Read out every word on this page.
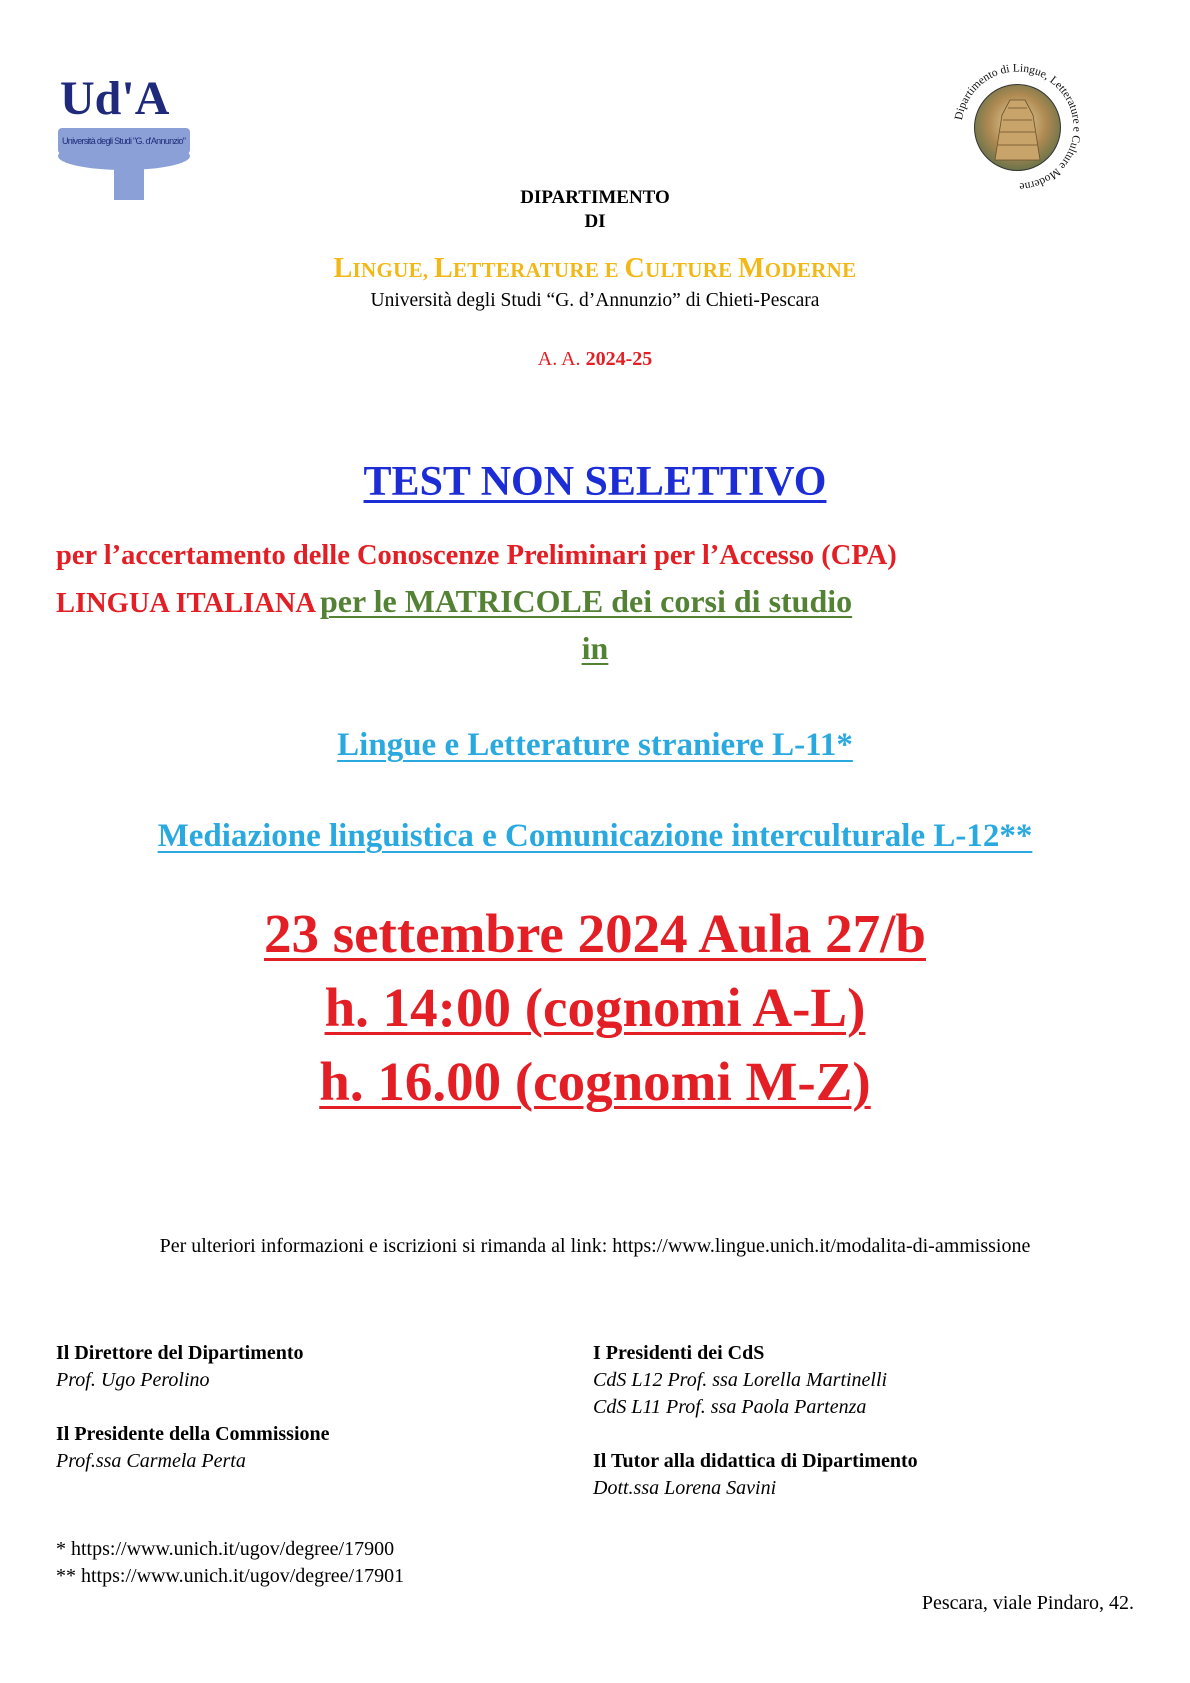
Ud'A
Università degli Studi "G. d'Annunzio"
Dipartimento di Lingue, Letterature e Culture Moderne
DIPARTIMENTO
DI
LINGUE, LETTERATURE E CULTURE MODERNE
Università degli Studi “G. d’Annunzio” di Chieti-Pescara
A. A. 2024-25
TEST NON SELETTIVO
per l’accertamento delle Conoscenze Preliminari per l’Accesso (CPA)
LINGUA ITALIANA per le MATRICOLE dei corsi di studio
in
Lingue e Letterature straniere L-11*
Mediazione linguistica e Comunicazione interculturale L-12**
23 settembre 2024 Aula 27/b
h. 14:00 (cognomi A-L)
h. 16.00 (cognomi M-Z)
Per ulteriori informazioni e iscrizioni si rimanda al link: https://www.lingue.unich.it/modalita-di-ammissione
Il Direttore del Dipartimento
Prof. Ugo Perolino
Il Presidente della Commissione
Prof.ssa Carmela Perta
I Presidenti dei CdS
CdS L12 Prof. ssa Lorella Martinelli
CdS L11 Prof. ssa Paola Partenza
Il Tutor alla didattica di Dipartimento
Dott.ssa Lorena Savini
* https://www.unich.it/ugov/degree/17900
** https://www.unich.it/ugov/degree/17901
Pescara, viale Pindaro, 42.
